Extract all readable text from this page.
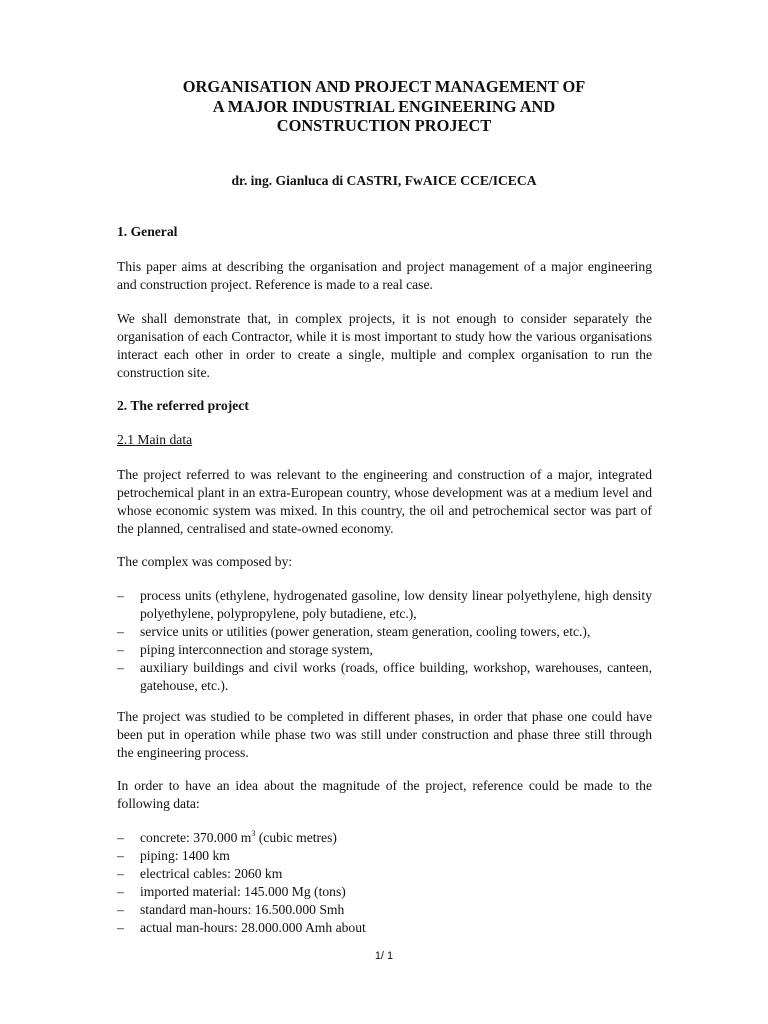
ORGANISATION AND PROJECT MANAGEMENT OF
A MAJOR INDUSTRIAL ENGINEERING AND
CONSTRUCTION PROJECT
dr. ing. Gianluca di CASTRI, FwAICE CCE/ICECA
1. General
This paper aims at describing the organisation and project management of a major engineering and construction project. Reference is made to a real case.
We shall demonstrate that, in complex projects, it is not enough to consider separately the organisation of each Contractor, while it is most important to study how the various organisations interact each other in order to create a single, multiple and complex organisation to run the construction site.
2. The referred project
2.1 Main data
The project referred to was relevant to the engineering and construction of a major, integrated petrochemical plant in an extra-European country, whose development was at a medium level and whose economic system was mixed. In this country, the oil and petrochemical sector was part of the planned, centralised and state-owned economy.
The complex was composed by:
– process units (ethylene, hydrogenated gasoline, low density linear polyethylene, high density polyethylene, polypropylene, poly butadiene, etc.),
– service units or utilities (power generation, steam generation, cooling towers, etc.),
– piping interconnection and storage system,
– auxiliary buildings and civil works (roads, office building, workshop, warehouses, canteen, gatehouse, etc.).
The project was studied to be completed in different phases, in order that phase one could have been put in operation while phase two was still under construction and phase three still through the engineering process.
In order to have an idea about the magnitude of the project, reference could be made to the following data:
– concrete: 370.000 $m^3$ (cubic metres)
– piping: 1400 km
– electrical cables: 2060 km
– imported material: 145.000 Mg (tons)
– standard man-hours: 16.500.000 Smh
– actual man-hours: 28.000.000 Amh about
1/ 1
